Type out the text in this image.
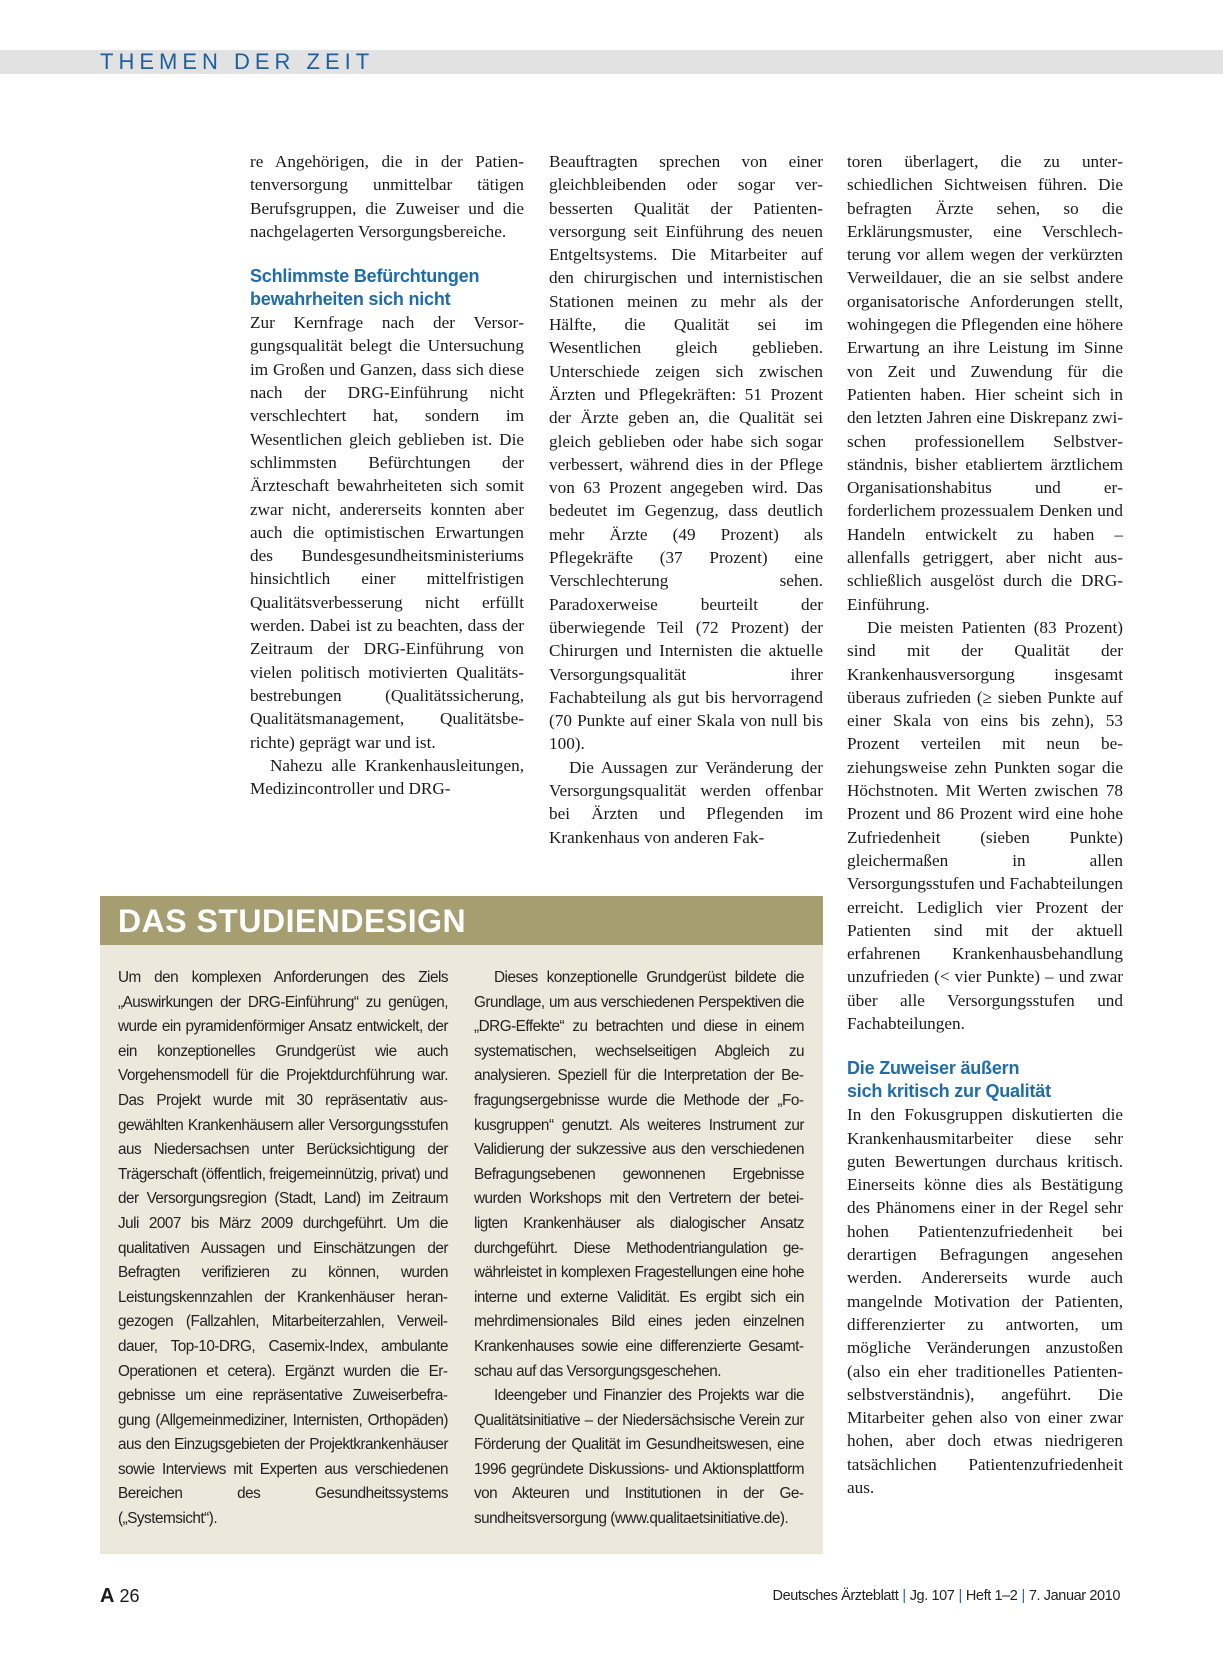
THEMEN DER ZEIT

re Angehörigen, die in der Patientenversorgung unmittelbar tätigen Berufsgruppen, die Zuweiser und die nachgelagerten Versorgungsbereiche.

Schlimmste Befürchtungen
bewahrheiten sich nicht

Zur Kernfrage nach der Versorgungsqualität belegt die Untersuchung im Großen und Ganzen, dass sich diese nach der DRG-Einführung nicht verschlechtert hat, sondern im Wesentlichen gleich geblieben ist. Die schlimmsten Befürchtungen der Ärzteschaft bewahrheiteten sich somit zwar nicht, andererseits konnten aber auch die optimistischen Erwartungen des Bundesgesundheitsministeriums hinsichtlich einer mittelfristigen Qualitätsverbesserung nicht erfüllt werden. Dabei ist zu beachten, dass der Zeitraum der DRG-Einführung von vielen politisch motivierten Qualitätsbestrebungen (Qualitätssicherung, Qualitätsmanagement, Qualitätsberichte) geprägt war und ist.

Nahezu alle Krankenhausleitungen, Medizincontroller und DRG-

Beauftragten sprechen von einer gleichbleibenden oder sogar verbesserten Qualität der Patientenversorgung seit Einführung des neuen Entgeltsystems. Die Mitarbeiter auf den chirurgischen und internistischen Stationen meinen zu mehr als der Hälfte, die Qualität sei im Wesentlichen gleich geblieben. Unterschiede zeigen sich zwischen Ärzten und Pflegekräften: 51 Prozent der Ärzte geben an, die Qualität sei gleich geblieben oder habe sich sogar verbessert, während dies in der Pflege von 63 Prozent angegeben wird. Das bedeutet im Gegenzug, dass deutlich mehr Ärzte (49 Prozent) als Pflegekräfte (37 Prozent) eine Verschlechterung sehen. Paradoxerweise beurteilt der überwiegende Teil (72 Prozent) der Chirurgen und Internisten die aktuelle Versorgungsqualität ihrer Fachabteilung als gut bis hervorragend (70 Punkte auf einer Skala von null bis 100).

Die Aussagen zur Veränderung der Versorgungsqualität werden offenbar bei Ärzten und Pflegenden im Krankenhaus von anderen Fak-

toren überlagert, die zu unterschiedlichen Sichtweisen führen. Die befragten Ärzte sehen, so die Erklärungsmuster, eine Verschlechterung vor allem wegen der verkürzten Verweildauer, die an sie selbst andere organisatorische Anforderungen stellt, wohingegen die Pflegenden eine höhere Erwartung an ihre Leistung im Sinne von Zeit und Zuwendung für die Patienten haben. Hier scheint sich in den letzten Jahren eine Diskrepanz zwischen professionellem Selbstverständnis, bisher etabliertem ärztlichem Organisationshabitus und erforderlichem prozessualem Denken und Handeln entwickelt zu haben – allenfalls getriggert, aber nicht ausschließlich ausgelöst durch die DRG-Einführung.

Die meisten Patienten (83 Prozent) sind mit der Qualität der Krankenhausversorgung insgesamt überaus zufrieden (≥ sieben Punkte auf einer Skala von eins bis zehn), 53 Prozent verteilen mit neun beziehungsweise zehn Punkten sogar die Höchstnoten. Mit Werten zwischen 78 Prozent und 86 Prozent wird eine hohe Zufriedenheit (sieben Punkte) gleichermaßen in allen Versorgungsstufen und Fachabteilungen erreicht. Lediglich vier Prozent der Patienten sind mit der aktuell erfahrenen Krankenhausbehandlung unzufrieden (< vier Punkte) – und zwar über alle Versorgungsstufen und Fachabteilungen.

Die Zuweiser äußern
sich kritisch zur Qualität

In den Fokusgruppen diskutierten die Krankenhausmitarbeiter diese sehr guten Bewertungen durchaus kritisch. Einerseits könne dies als Bestätigung des Phänomens einer in der Regel sehr hohen Patientenzufriedenheit bei derartigen Befragungen angesehen werden. Andererseits wurde auch mangelnde Motivation der Patienten, differenzierter zu antworten, um mögliche Veränderungen anzustoßen (also ein eher traditionelles Patientenselbstverständnis), angeführt. Die Mitarbeiter gehen also von einer zwar hohen, aber doch etwas niedrigeren tatsächlichen Patientenzufriedenheit aus.

DAS STUDIENDESIGN

Um den komplexen Anforderungen des Ziels „Auswirkungen der DRG-Einführung“ zu genügen, wurde ein pyramidenförmiger Ansatz entwickelt, der ein konzeptionelles Grundgerüst wie auch Vorgehensmodell für die Projektdurchführung war. Das Projekt wurde mit 30 repräsentativ ausgewählten Krankenhäusern aller Versorgungsstufen aus Niedersachsen unter Berücksichtigung der Trägerschaft (öffentlich, freigemeinnützig, privat) und der Versorgungsregion (Stadt, Land) im Zeitraum Juli 2007 bis März 2009 durchgeführt. Um die qualitativen Aussagen und Einschätzungen der Befragten verifizieren zu können, wurden Leistungskennzahlen der Krankenhäuser herangezogen (Fallzahlen, Mitarbeiterzahlen, Verweildauer, Top-10-DRG, Casemix-Index, ambulante Operationen et cetera). Ergänzt wurden die Ergebnisse um eine repräsentative Zuweiserbefragung (Allgemeinmediziner, Internisten, Orthopäden) aus den Einzugsgebieten der Projektkrankenhäuser sowie Interviews mit Experten aus verschiedenen Bereichen des Gesundheitssystems („Systemsicht“).

Dieses konzeptionelle Grundgerüst bildete die Grundlage, um aus verschiedenen Perspektiven die „DRG-Effekte“ zu betrachten und diese in einem systematischen, wechselseitigen Abgleich zu analysieren. Speziell für die Interpretation der Befragungsergebnisse wurde die Methode der „Fokusgruppen“ genutzt. Als weiteres Instrument zur Validierung der sukzessive aus den verschiedenen Befragungsebenen gewonnenen Ergebnisse wurden Workshops mit den Vertretern der beteiligten Krankenhäuser als dialogischer Ansatz durchgeführt. Diese Methodentriangulation gewährleistet in komplexen Fragestellungen eine hohe interne und externe Validität. Es ergibt sich ein mehrdimensionales Bild eines jeden einzelnen Krankenhauses sowie eine differenzierte Gesamtschau auf das Versorgungsgeschehen.

Ideengeber und Finanzier des Projekts war die Qualitätsinitiative – der Niedersächsische Verein zur Förderung der Qualität im Gesundheitswesen, eine 1996 gegründete Diskussions- und Aktionsplattform von Akteuren und Institutionen in der Gesundheitsversorgung (www.qualitaetsinitiative.de).

A 26	Deutsches Ärzteblatt | Jg. 107 | Heft 1–2 | 7. Januar 2010
